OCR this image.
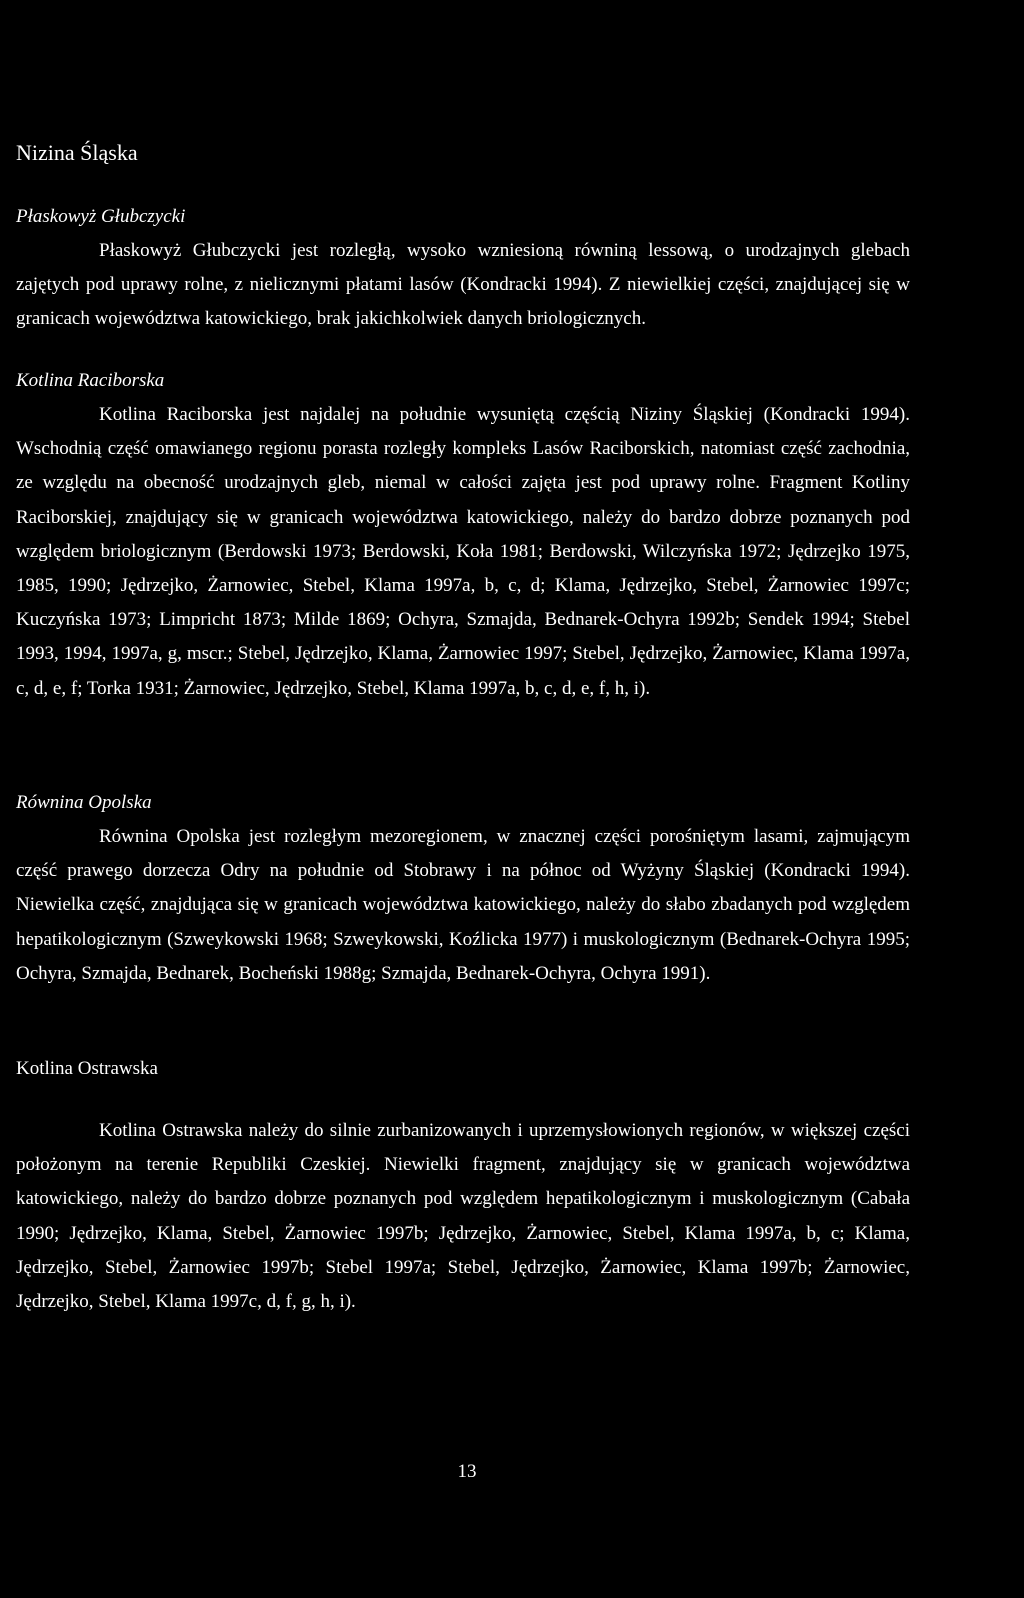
Nizina Śląska
Płaskowyż Głubczycki

Płaskowyż Głubczycki jest rozległą, wysoko wzniesioną równiną lessową, o urodzajnych glebach zajętych pod uprawy rolne, z nielicznymi płatami lasów (Kondracki 1994). Z niewielkiej części, znajdującej się w granicach województwa katowickiego, brak jakichkolwiek danych briologicznych.

Kotlina Raciborska

Kotlina Raciborska jest najdalej na południe wysuniętą częścią Niziny Śląskiej (Kondracki 1994). Wschodnią część omawianego regionu porasta rozległy kompleks Lasów Raciborskich, natomiast część zachodnia, ze względu na obecność urodzajnych gleb, niemal w całości zajęta jest pod uprawy rolne. Fragment Kotliny Raciborskiej, znajdujący się w granicach województwa katowickiego, należy do bardzo dobrze poznanych pod względem briologicznym (Berdowski 1973; Berdowski, Koła 1981; Berdowski, Wilczyńska 1972; Jędrzejko 1975, 1985, 1990; Jędrzejko, Żarnowiec, Stebel, Klama 1997a, b, c, d; Klama, Jędrzejko, Stebel, Żarnowiec 1997c; Kuczyńska 1973; Limpricht 1873; Milde 1869; Ochyra, Szmajda, Bednarek-Ochyra 1992b; Sendek 1994; Stebel 1993, 1994, 1997a, g, mscr.; Stebel, Jędrzejko, Klama, Żarnowiec 1997; Stebel, Jędrzejko, Żarnowiec, Klama 1997a, c, d, e, f; Torka 1931; Żarnowiec, Jędrzejko, Stebel, Klama 1997a, b, c, d, e, f, h, i).

Równina Opolska

Równina Opolska jest rozległym mezoregionem, w znacznej części porośniętym lasami, zajmującym część prawego dorzecza Odry na południe od Stobrawy i na północ od Wyżyny Śląskiej (Kondracki 1994). Niewielka część, znajdująca się w granicach województwa katowickiego, należy do słabo zbadanych pod względem hepatikologicznym (Szweykowski 1968; Szweykowski, Koźlicka 1977) i muskologicznym (Bednarek-Ochyra 1995; Ochyra, Szmajda, Bednarek, Bocheński 1988g; Szmajda, Bednarek-Ochyra, Ochyra 1991).

Kotlina Ostrawska

Kotlina Ostrawska należy do silnie zurbanizowanych i uprzemysłowionych regionów, w większej części położonym na terenie Republiki Czeskiej. Niewielki fragment, znajdujący się w granicach województwa katowickiego, należy do bardzo dobrze poznanych pod względem hepatikologicznym i muskologicznym (Cabała 1990; Jędrzejko, Klama, Stebel, Żarnowiec 1997b; Jędrzejko, Żarnowiec, Stebel, Klama 1997a, b, c; Klama, Jędrzejko, Stebel, Żarnowiec 1997b; Stebel 1997a; Stebel, Jędrzejko, Żarnowiec, Klama 1997b; Żarnowiec, Jędrzejko, Stebel, Klama 1997c, d, f, g, h, i).

13
